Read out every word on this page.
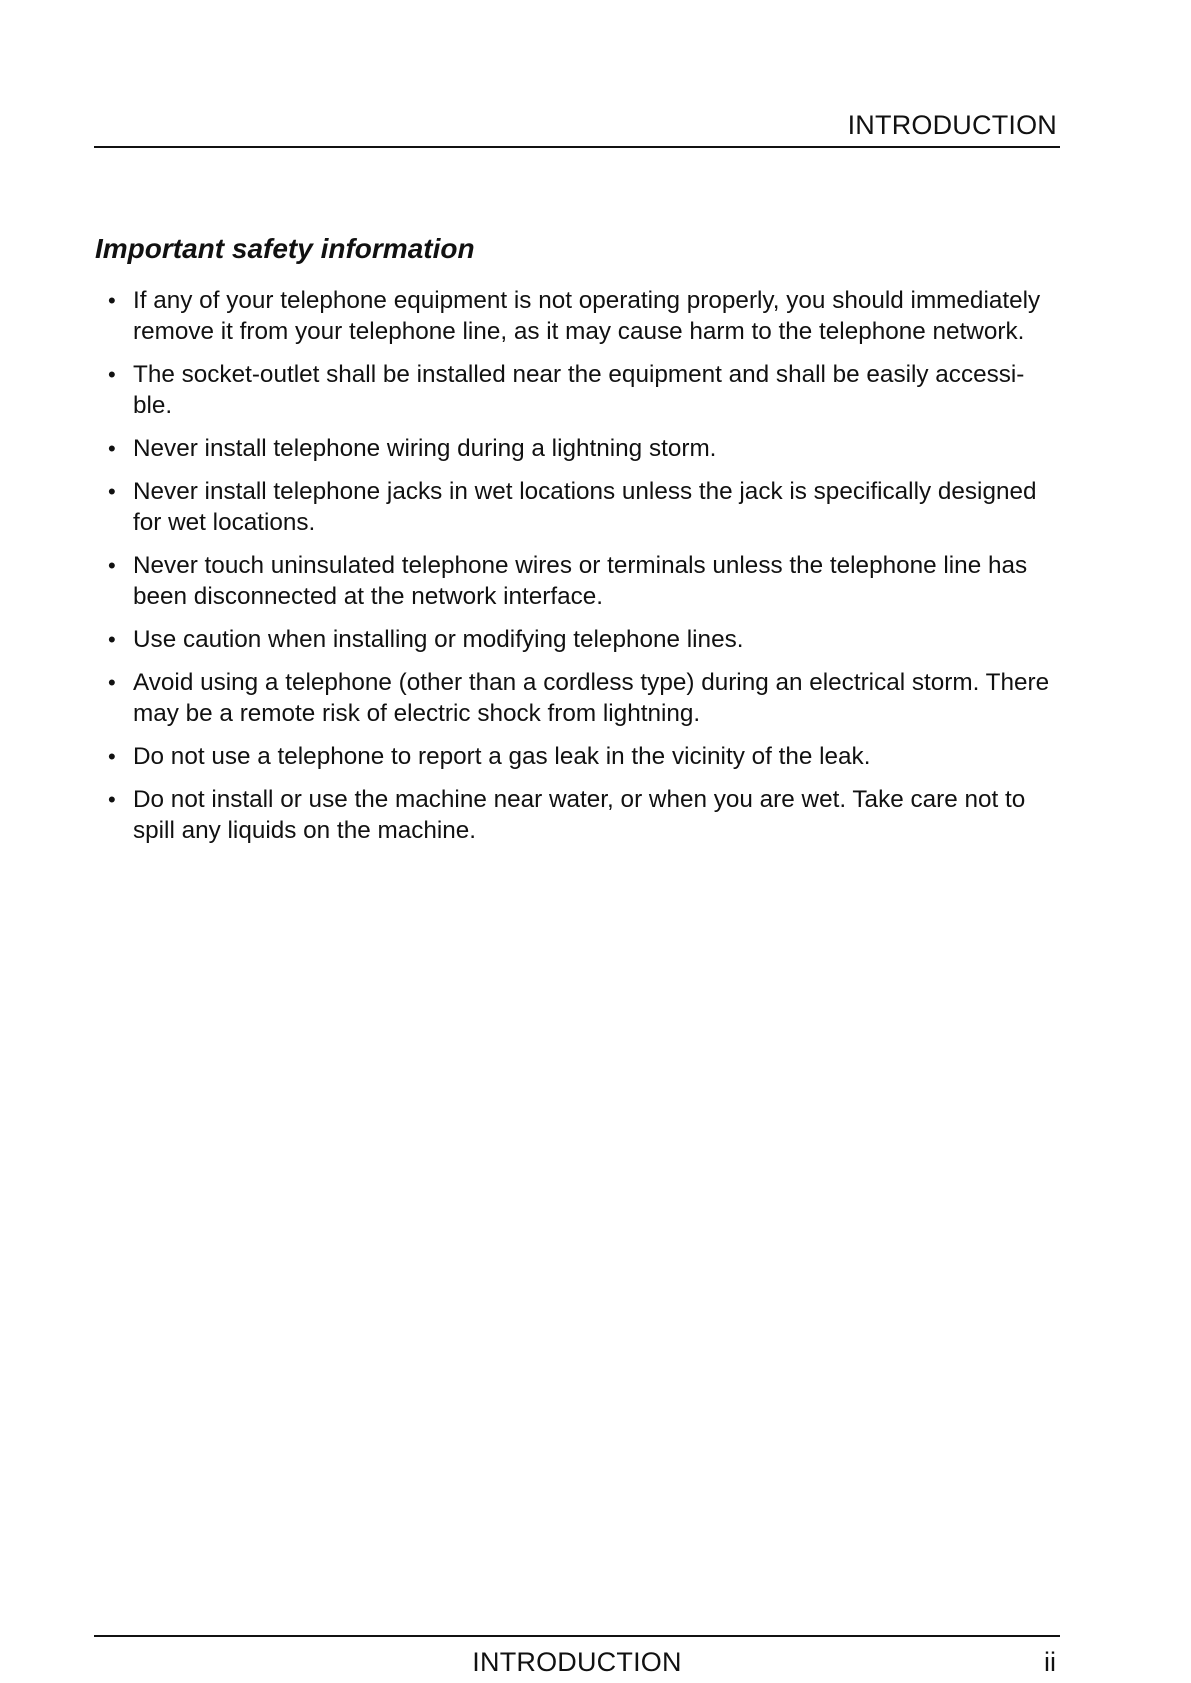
INTRODUCTION
Important safety information
• If any of your telephone equipment is not operating properly, you should immediately remove it from your telephone line, as it may cause harm to the telephone network.
• The socket-outlet shall be installed near the equipment and shall be easily accessi-ble.
• Never install telephone wiring during a lightning storm.
• Never install telephone jacks in wet locations unless the jack is specifically designed for wet locations.
• Never touch uninsulated telephone wires or terminals unless the telephone line has been disconnected at the network interface.
• Use caution when installing or modifying telephone lines.
• Avoid using a telephone (other than a cordless type) during an electrical storm. There may be a remote risk of electric shock from lightning.
• Do not use a telephone to report a gas leak in the vicinity of the leak.
• Do not install or use the machine near water, or when you are wet. Take care not to spill any liquids on the machine.
INTRODUCTION	ii
